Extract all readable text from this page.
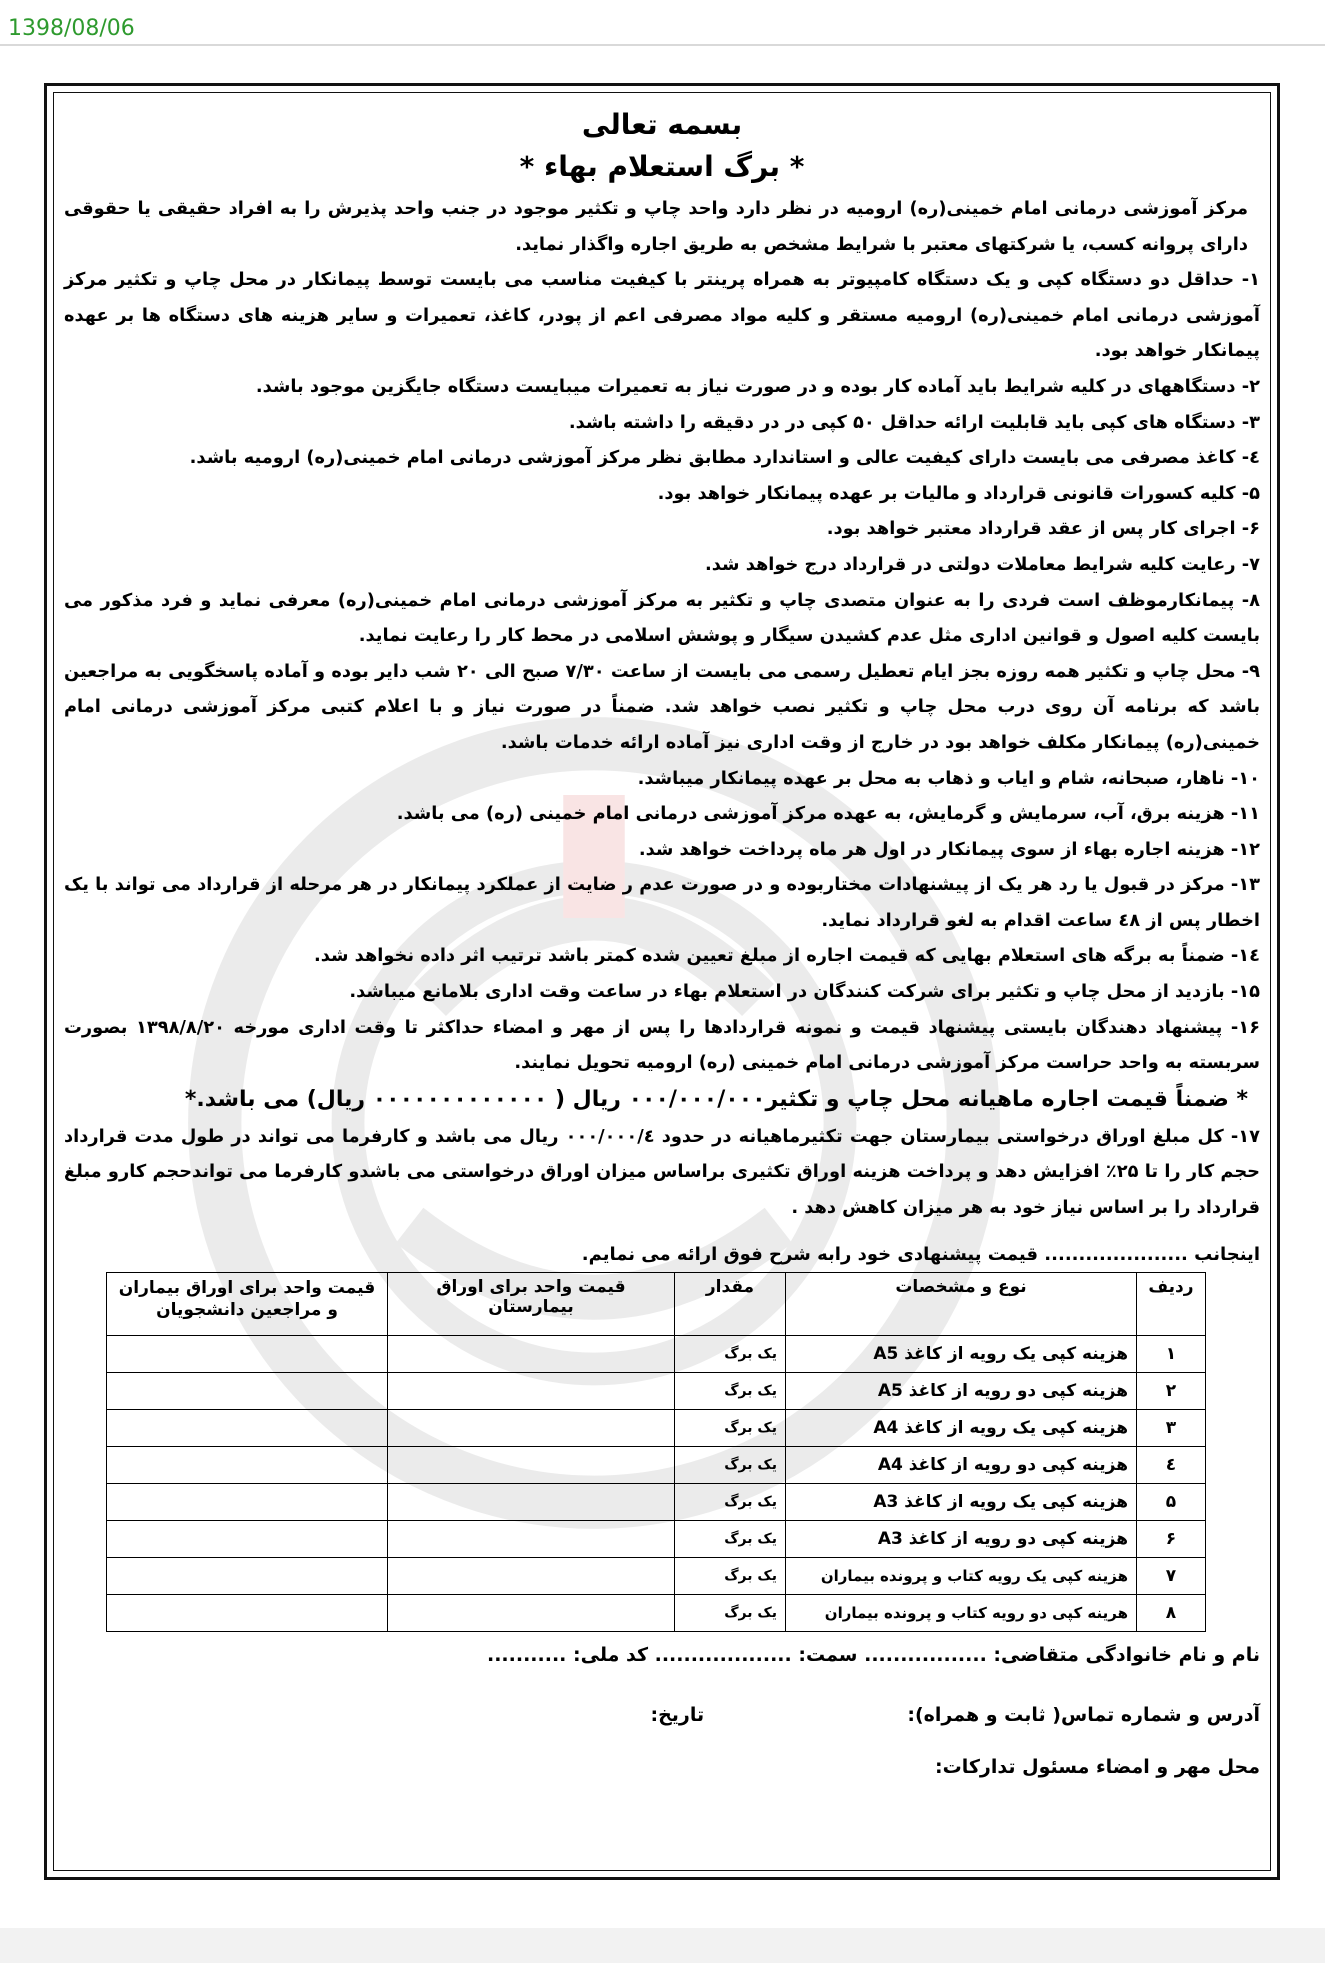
1398/08/06
بسمه تعالی
* برگ استعلام بهاء *

مرکز آموزشی درمانی امام خمینی(ره) ارومیه در نظر دارد واحد چاپ و تکثیر موجود در جنب واحد پذیرش را به افراد حقیقی یا حقوقی دارای پروانه کسب، یا شرکتهای معتبر با شرایط مشخص به طریق اجاره واگذار نماید.

۱- حداقل دو دستگاه کپی و یک دستگاه کامپیوتر به همراه پرینتر با کیفیت مناسب می بایست توسط پیمانکار در محل چاپ و تکثیر مرکز آموزشی درمانی امام خمینی(ره) ارومیه مستقر و کلیه مواد مصرفی اعم از پودر، کاغذ، تعمیرات و سایر هزینه های دستگاه ها بر عهده پیمانکار خواهد بود.

۲- دستگاههای در کلیه شرایط باید آماده کار بوده و در صورت نیاز به تعمیرات میبایست دستگاه جایگزین موجود باشد.

۳- دستگاه های کپی باید قابلیت ارائه حداقل ۵۰ کپی در در دقیقه را داشته باشد.

٤- کاغذ مصرفی می بایست دارای کیفیت عالی و استاندارد مطابق نظر مرکز آموزشی درمانی امام خمینی(ره) ارومیه باشد.

۵- کلیه کسورات قانونی قرارداد و مالیات بر عهده پیمانکار خواهد بود.

۶- اجرای کار پس از عقد قرارداد معتبر خواهد بود.

۷- رعایت کلیه شرایط معاملات دولتی در قرارداد درج خواهد شد.

۸- پیمانکارموظف است فردی را به عنوان متصدی چاپ و تکثیر به مرکز آموزشی درمانی امام خمینی(ره) معرفی نماید و فرد مذکور می بایست کلیه اصول و قوانین اداری مثل عدم کشیدن سیگار و پوشش اسلامی در محط کار را رعایت نماید.

۹- محل چاپ و تکثیر همه روزه بجز ایام تعطیل رسمی می بایست از ساعت ۷/۳۰ صبح الی ۲۰ شب دایر بوده و آماده پاسخگویی به مراجعین باشد که برنامه آن روی درب محل چاپ و تکثیر نصب خواهد شد. ضمناً در صورت نیاز و با اعلام کتبی مرکز آموزشی درمانی امام خمینی(ره) پیمانکار مکلف خواهد بود در خارج از وقت اداری نیز آماده ارائه خدمات باشد.

۱۰- ناهار، صبحانه، شام و ایاب و ذهاب به محل بر عهده پیمانکار میباشد.

۱۱- هزینه برق، آب، سرمایش و گرمایش، به عهده مرکز آموزشی درمانی امام خمینی (ره) می باشد.

۱۲- هزینه اجاره بهاء از سوی پیمانکار در اول هر ماه پرداخت خواهد شد.

۱۳- مرکز در قبول یا رد هر یک از پیشنهادات مختاربوده و در صورت عدم ر ضایت از عملکرد پیمانکار در هر مرحله از قرارداد می تواند با یک اخطار پس از ٤٨ ساعت اقدام به لغو قرارداد نماید.

١٤- ضمناً به برگه های استعلام بهایی که قیمت اجاره از مبلغ تعیین شده کمتر باشد ترتیب اثر داده نخواهد شد.

۱۵- بازدید از محل چاپ و تکثیر برای شرکت کنندگان در استعلام بهاء در ساعت وقت اداری بلامانع میباشد.

۱۶- پیشنهاد دهندگان بایستی پیشنهاد قیمت و نمونه قراردادها را پس از مهر و امضاء حداکثر تا وقت اداری مورخه ۱۳۹۸/۸/۲۰ بصورت سربسته به واحد حراست مرکز آموزشی درمانی امام خمینی (ره) ارومیه تحویل نمایند.

* ضمناً قیمت اجاره ماهیانه محل چاپ و تکثیر۰۰۰/۰۰۰/۰۰۰ ریال ( ۰۰۰۰۰۰۰۰۰۰۰۰۰ ریال) می باشد.*

۱۷- کل مبلغ اوراق درخواستی بیمارستان جهت تکثیرماهیانه در حدود ۰۰۰/۰۰۰/٤ ریال می باشد و کارفرما می تواند در طول مدت قرارداد حجم کار را تا ۲۵٪ افزایش دهد و پرداخت هزینه اوراق تکثیری براساس میزان اوراق درخواستی می باشدو کارفرما می تواندحجم کارو مبلغ قرارداد را بر اساس نیاز خود به هر میزان کاهش دهد .

اینجانب ..................... قیمت پیشنهادی خود رابه شرح فوق ارائه می نمایم.
ردیف	نوع و مشخصات	مقدار	قیمت واحد برای اوراق بیمارستان	قیمت واحد برای اوراق بیماران و مراجعین دانشجویان
۱	هزینه کپی یک رویه از کاغذ A5	یک برگ		
۲	هزینه کپی دو رویه از کاغذ A5	یک برگ		
۳	هزینه کپی یک رویه از کاغذ A4	یک برگ		
٤	هزینه کپی دو رویه از کاغذ A4	یک برگ		
۵	هزینه کپی یک رویه از کاغذ A3	یک برگ		
۶	هزینه کپی دو رویه از کاغذ A3	یک برگ		
۷	هزینه کپی یک رویه کتاب و پرونده بیماران	یک برگ		
۸	هرینه کپی دو رویه کتاب و پرونده بیماران	یک برگ		
نام و نام خانوادگی متقاضی: ................. سمت: ................... کد ملی: ...........
آدرس و شماره تماس( ثابت و همراه):  تاریخ:
محل مهر و امضاء مسئول تدارکات:
